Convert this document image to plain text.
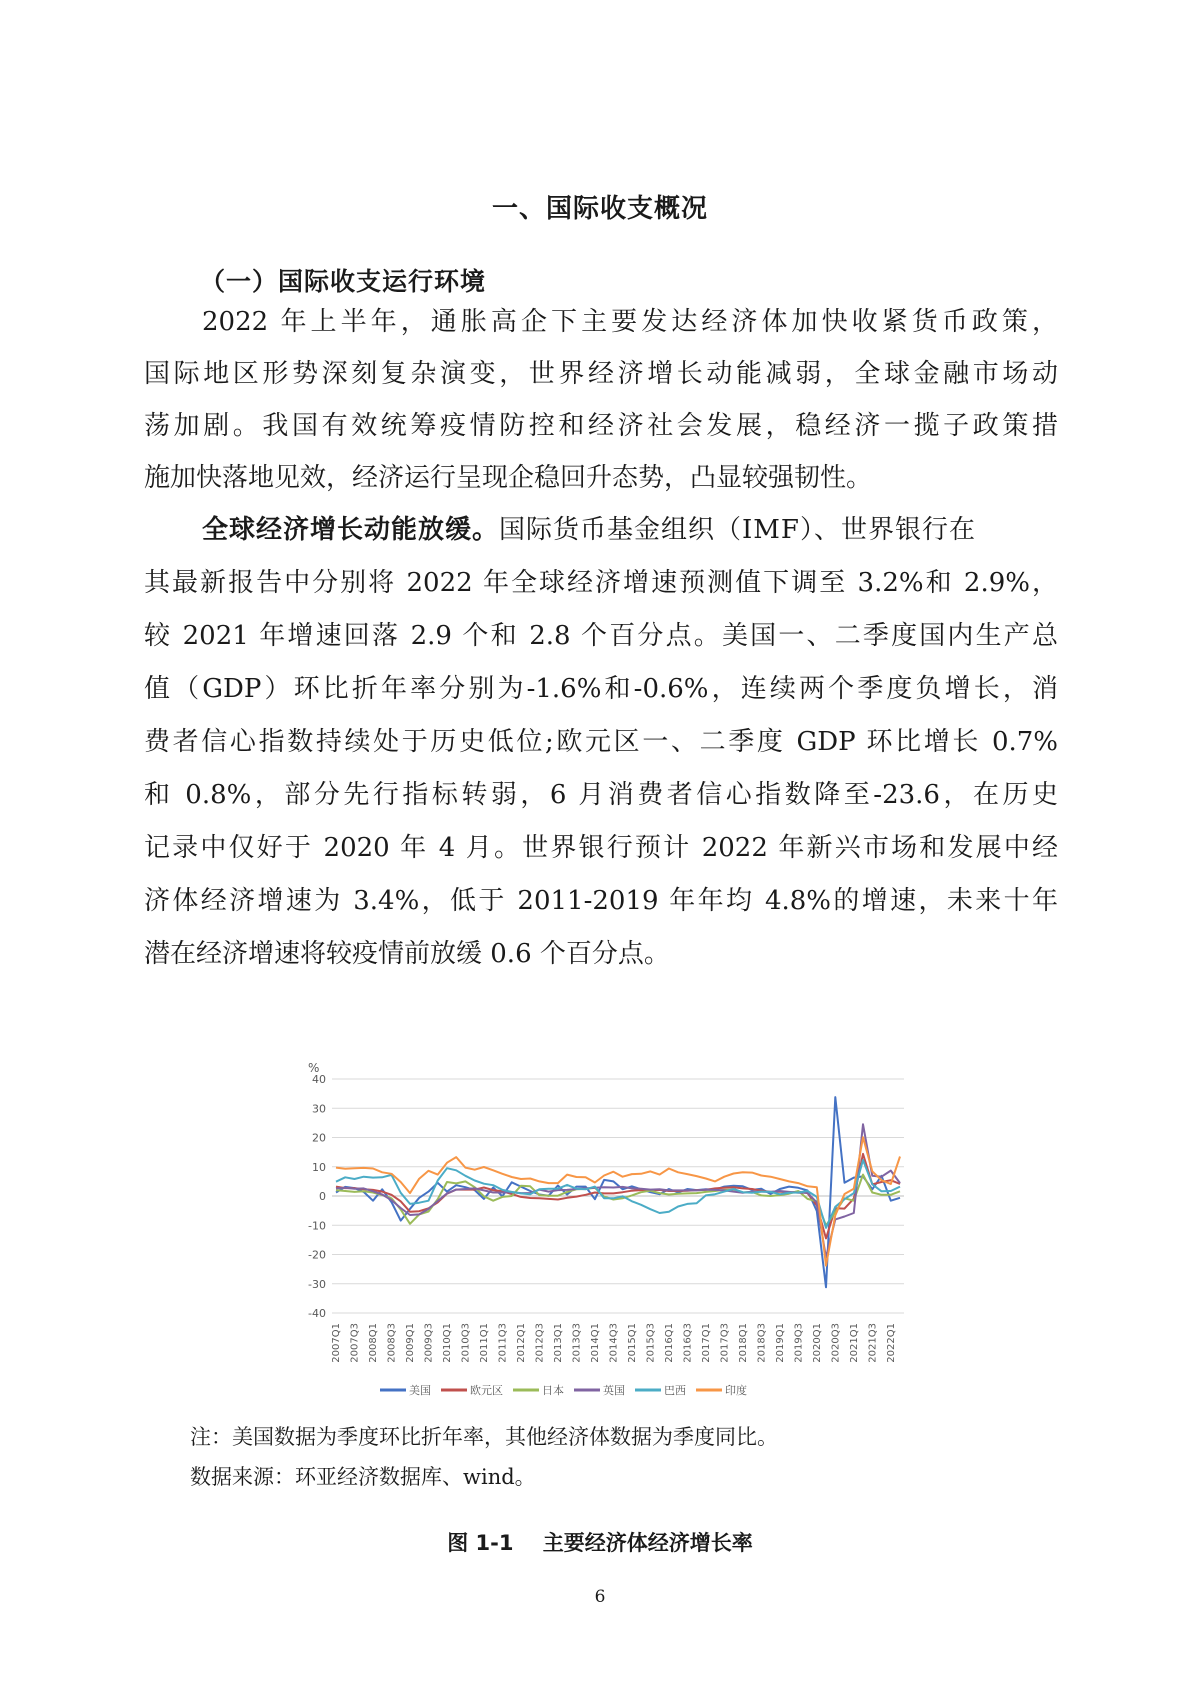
一、国际收支概况
（一）国际收支运行环境
2022 年上半年，通胀高企下主要发达经济体加快收紧货币政策，
国际地区形势深刻复杂演变，世界经济增长动能减弱，全球金融市场动
荡加剧。我国有效统筹疫情防控和经济社会发展，稳经济一揽子政策措
施加快落地见效，经济运行呈现企稳回升态势，凸显较强韧性。
全球经济增长动能放缓。国际货币基金组织（IMF）、世界银行在
其最新报告中分别将 2022 年全球经济增速预测值下调至 3.2%和 2.9%，
较 2021 年增速回落 2.9 个和 2.8 个百分点。美国一、二季度国内生产总
值（GDP）环比折年率分别为-1.6%和-0.6%，连续两个季度负增长，消
费者信心指数持续处于历史低位;欧元区一、二季度 GDP 环比增长 0.7%
和 0.8%，部分先行指标转弱，6 月消费者信心指数降至-23.6，在历史
记录中仅好于 2020 年 4 月。世界银行预计 2022 年新兴市场和发展中经
济体经济增速为 3.4%，低于 2011-2019 年年均 4.8%的增速，未来十年
潜在经济增速将较疫情前放缓 0.6 个百分点。
%
40
30
20
10
0
-10
-20
-30
-40
2007Q1 2007Q3 2008Q1 2008Q3 2009Q1 2009Q3 2010Q1 2010Q3 2011Q1 2011Q3 2012Q1 2012Q3 2013Q1 2013Q3 2014Q1 2014Q3 2015Q1 2015Q3 2016Q1 2016Q3 2017Q1 2017Q3 2018Q1 2018Q3 2019Q1 2019Q3 2020Q1 2020Q3 2021Q1 2021Q3 2022Q1
美国	欧元区	日本	英国	巴西	印度
注：美国数据为季度环比折年率，其他经济体数据为季度同比。
数据来源：环亚经济数据库、wind。
图 1-1    主要经济体经济增长率
6
